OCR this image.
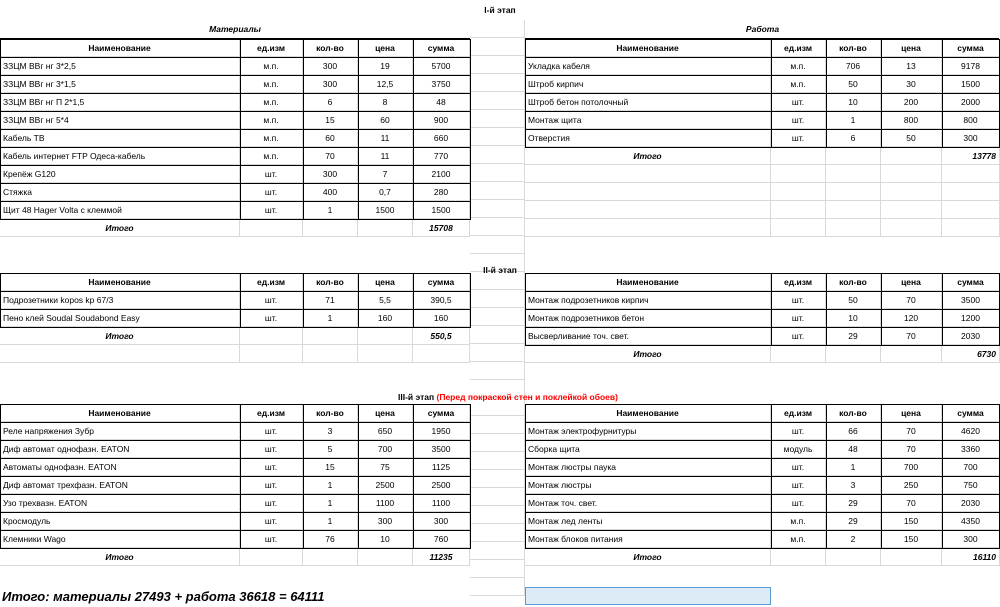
Материалы	Работа
Наименование	ед.изм	кол-во	цена	сумма	Наименование	ед.изм	кол-во	цена	сумма
ЗЗЦМ ВВг нг 3*2,5	м.п.	300	19	5700	Укладка кабеля	м.п.	706	13	9178
ЗЗЦМ ВВг нг 3*1,5	м.п.	300	12,5	3750	Штроб кирпич	м.п.	50	30	1500
ЗЗЦМ ВВг нг П 2*1,5	м.п.	6	8	48	Штроб бетон потолочный	шт.	10	200	2000
ЗЗЦМ ВВг нг 5*4	м.п.	15	60	900	Монтаж щита	шт.	1	800	800
Кабель ТВ	м.п.	60	11	660	Отверстия	шт.	6	50	300
Кабель интернет FTP Одеса-кабель	м.п.	70	11	770	Итого	13778
Крепёж G120	шт.	300	7	2100
Стяжка	шт.	400	0,7	280
Щит 48 Hager Volta с клеммой	шт.	1	1500	1500
Итого	15708
Наименование	ед.изм	кол-во	цена	сумма	Наименование	ед.изм	кол-во	цена	сумма
Подрозетники kopos kp 67/3	шт.	71	5,5	390,5	Монтаж подрозетников кирпич	шт.	50	70	3500
Пено клей Soudal Soudabond Easy	шт.	1	160	160	Монтаж подрозетников бетон	шт.	10	120	1200
Итого	550,5	Высверливание точ. свет.	шт.	29	70	2030
Итого	6730
Наименование	ед.изм	кол-во	цена	сумма	Наименование	ед.изм	кол-во	цена	сумма
Реле напряжения Зубр	шт.	3	650	1950	Монтаж электрофурнитуры	шт.	66	70	4620
Диф автомат однофазн. EATON	шт.	5	700	3500	Сборка щита	модуль	48	70	3360
Автоматы однофазн. EATON	шт.	15	75	1125	Монтаж люстры паука	шт.	1	700	700
Диф автомат трехфазн. EATON	шт.	1	2500	2500	Монтаж люстры	шт.	3	250	750
Узо трехвазн. EATON	шт.	1	1100	1100	Монтаж точ. свет.	шт.	29	70	2030
Кросмодуль	шт.	1	300	300	Монтаж лед ленты	м.п.	29	150	4350
Клемники Wago	шт.	76	10	760	Монтаж блоков питания	м.п.	2	150	300
Итого	11235	Итого	16110
I-й этап
III-й этап (Перед покраской стен и поклейкой обоев)
II-й этап
Итого: материалы 27493 + работа 36618 = 64111
